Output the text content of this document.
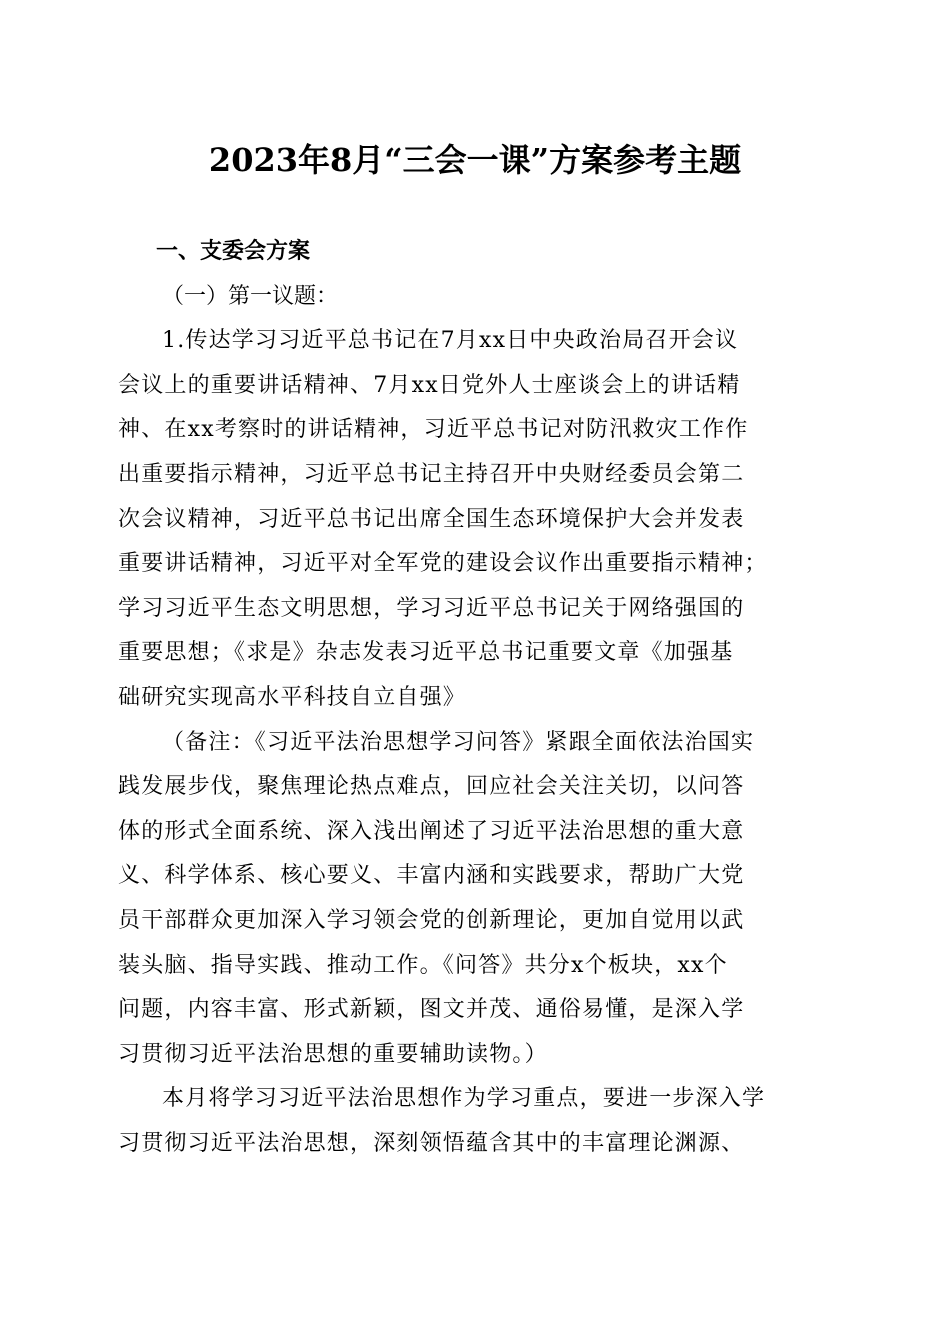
2023年8月“三会一课”方案参考主题

一、支委会方案

（一）第一议题：

1.传达学习习近平总书记在7月xx日中央政治局召开会议
会议上的重要讲话精神、7月xx日党外人士座谈会上的讲话精
神、在xx考察时的讲话精神，习近平总书记对防汛救灾工作作
出重要指示精神，习近平总书记主持召开中央财经委员会第二
次会议精神，习近平总书记出席全国生态环境保护大会并发表
重要讲话精神，习近平对全军党的建设会议作出重要指示精神；
学习习近平生态文明思想，学习习近平总书记关于网络强国的
重要思想；《求是》杂志发表习近平总书记重要文章《加强基
础研究实现高水平科技自立自强》

（备注：《习近平法治思想学习问答》紧跟全面依法治国实
践发展步伐，聚焦理论热点难点，回应社会关注关切，以问答
体的形式全面系统、深入浅出阐述了习近平法治思想的重大意
义、科学体系、核心要义、丰富内涵和实践要求，帮助广大党
员干部群众更加深入学习领会党的创新理论，更加自觉用以武
装头脑、指导实践、推动工作。《问答》共分x个板块，xx个
问题，内容丰富、形式新颖，图文并茂、通俗易懂，是深入学
习贯彻习近平法治思想的重要辅助读物。）

本月将学习习近平法治思想作为学习重点，要进一步深入学
习贯彻习近平法治思想，深刻领悟蕴含其中的丰富理论渊源、
